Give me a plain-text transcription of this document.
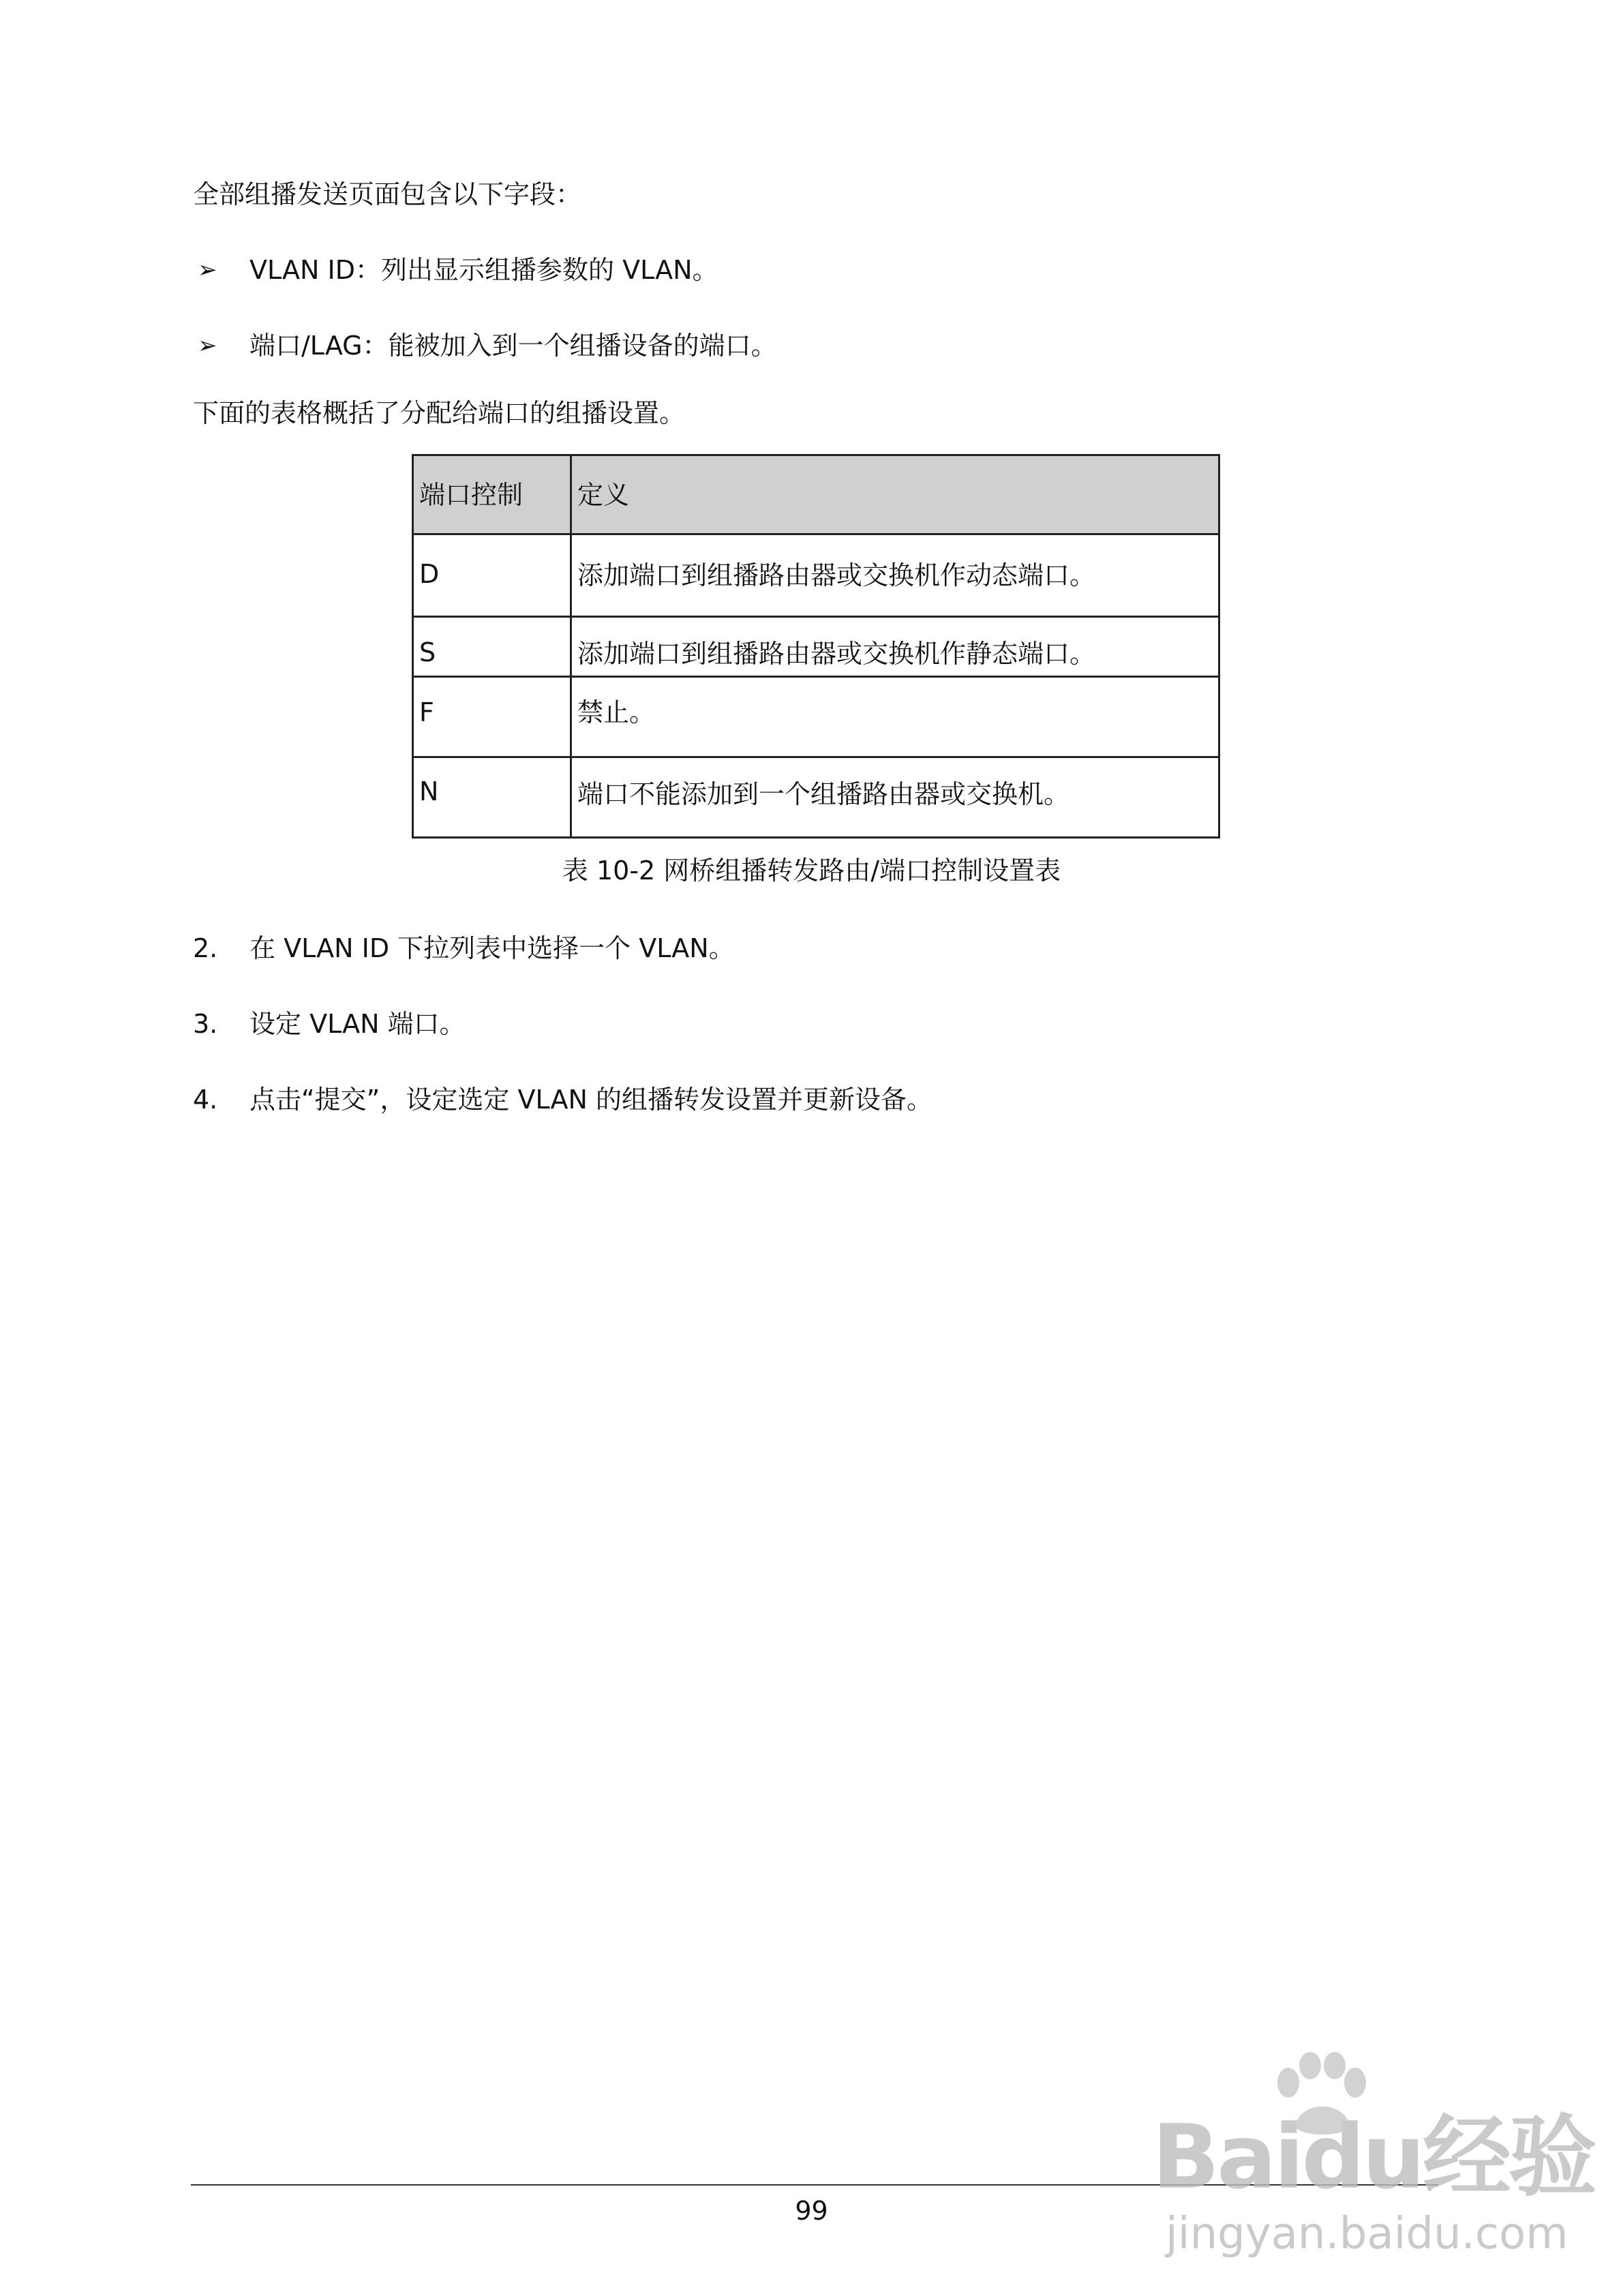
全部组播发送页面包含以下字段：
➢ VLAN ID：列出显示组播参数的 VLAN。
➢ 端口/LAG：能被加入到一个组播设备的端口。
下面的表格概括了分配给端口的组播设置。
端口控制	定义
D	添加端口到组播路由器或交换机作动态端口。
S	添加端口到组播路由器或交换机作静态端口。
F	禁止。
N	端口不能添加到一个组播路由器或交换机。
表 10-2 网桥组播转发路由/端口控制设置表
2. 在 VLAN ID 下拉列表中选择一个 VLAN。
3. 设定 VLAN 端口。
4. 点击“提交”，设定选定 VLAN 的组播转发设置并更新设备。
99
Baidu经验
jingyan.baidu.com
